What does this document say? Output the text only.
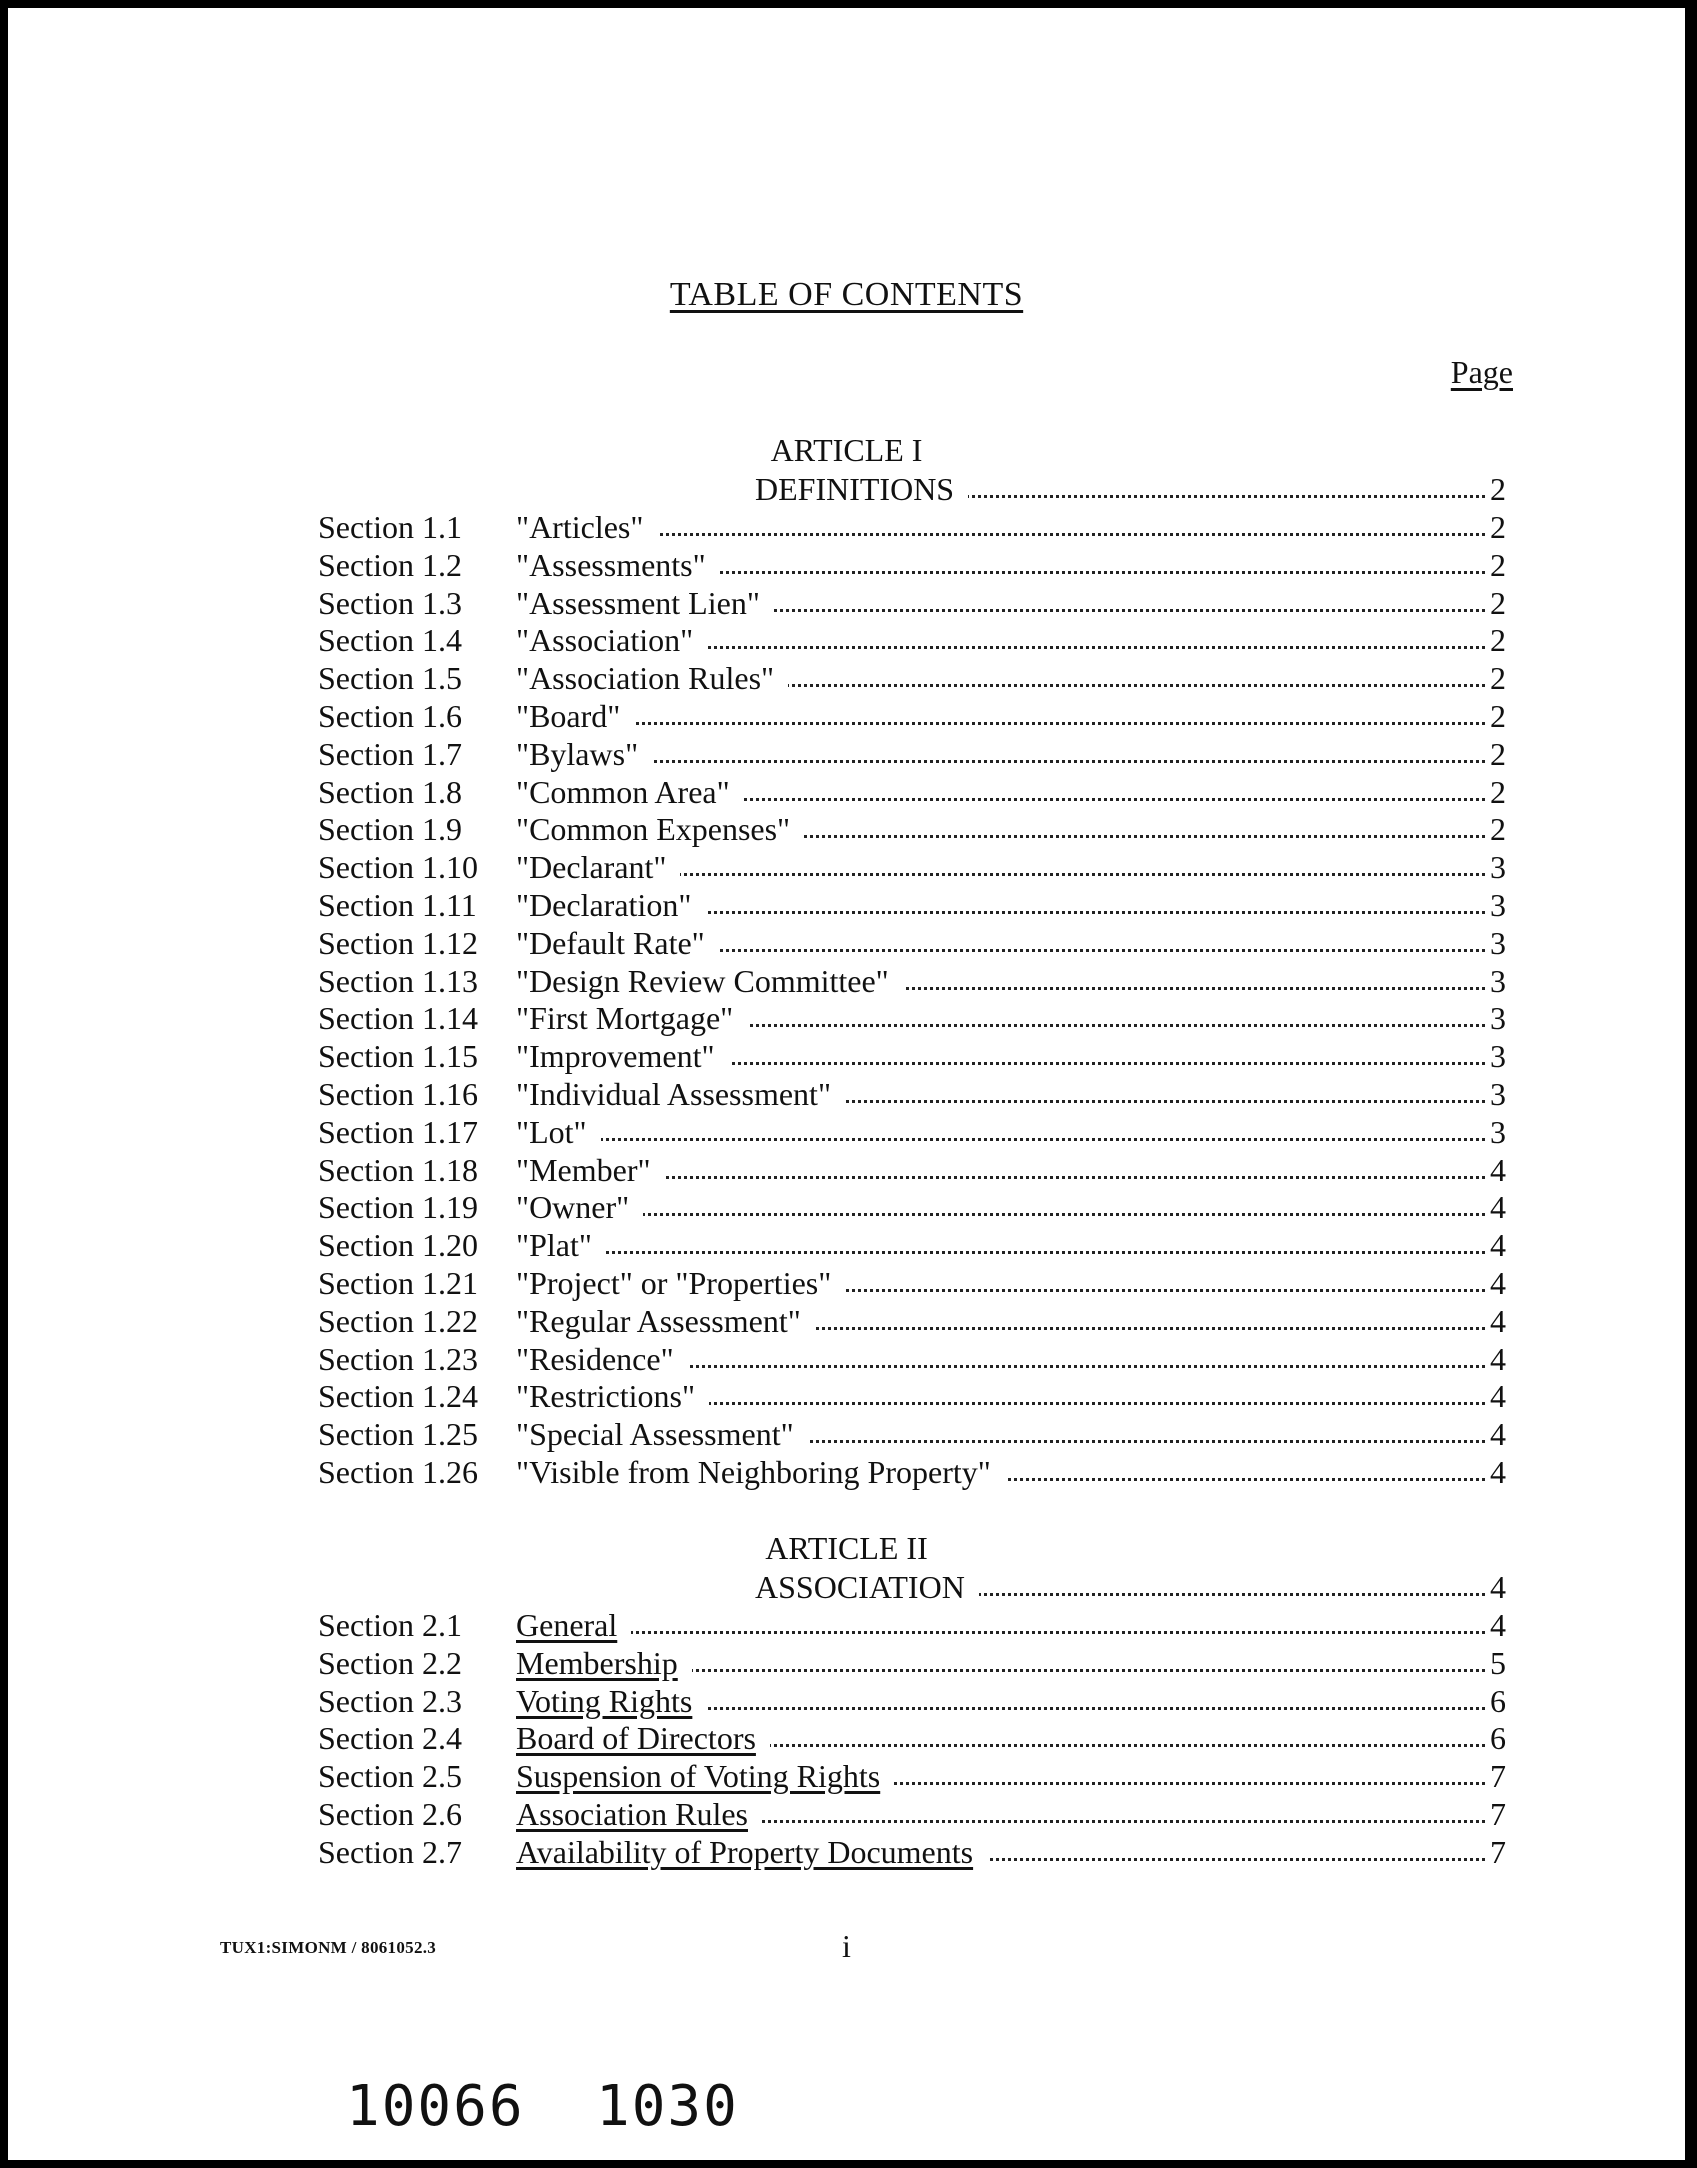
TABLE OF CONTENTS
Page
ARTICLE I
DEFINITIONS	2
Section 1.1 "Articles"	2
Section 1.2 "Assessments"	2
Section 1.3 "Assessment Lien"	2
Section 1.4 "Association"	2
Section 1.5 "Association Rules"	2
Section 1.6 "Board"	2
Section 1.7 "Bylaws"	2
Section 1.8 "Common Area"	2
Section 1.9 "Common Expenses"	2
Section 1.10 "Declarant"	3
Section 1.11 "Declaration"	3
Section 1.12 "Default Rate"	3
Section 1.13 "Design Review Committee"	3
Section 1.14 "First Mortgage"	3
Section 1.15 "Improvement"	3
Section 1.16 "Individual Assessment"	3
Section 1.17 "Lot"	3
Section 1.18 "Member"	4
Section 1.19 "Owner"	4
Section 1.20 "Plat"	4
Section 1.21 "Project" or "Properties"	4
Section 1.22 "Regular Assessment"	4
Section 1.23 "Residence"	4
Section 1.24 "Restrictions"	4
Section 1.25 "Special Assessment"	4
Section 1.26 "Visible from Neighboring Property"	4
ARTICLE II
ASSOCIATION	4
Section 2.1 General	4
Section 2.2 Membership	5
Section 2.3 Voting Rights	6
Section 2.4 Board of Directors	6
Section 2.5 Suspension of Voting Rights	7
Section 2.6 Association Rules	7
Section 2.7 Availability of Property Documents	7
TUX1:SIMONM / 8061052.3	i
10066  1030
